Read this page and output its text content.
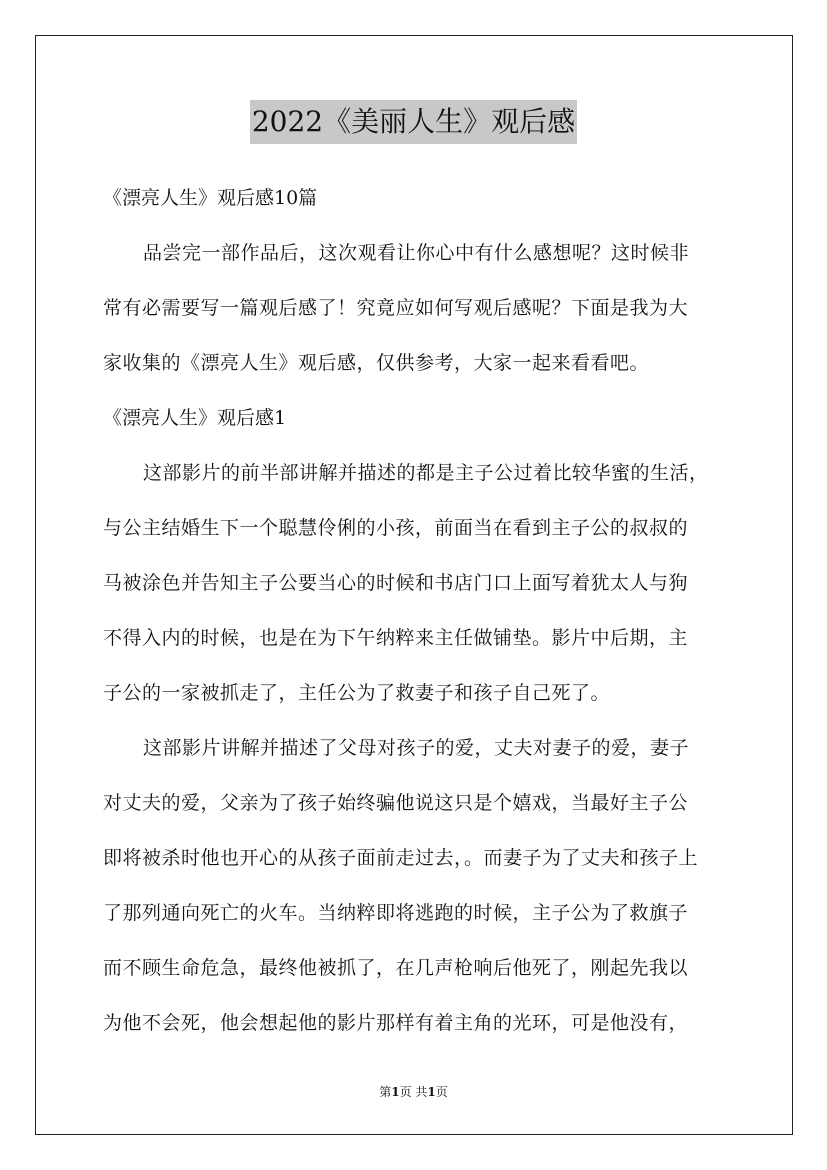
2022《美丽人生》观后感
《漂亮人生》观后感10篇
品尝完一部作品后，这次观看让你心中有什么感想呢？这时候非
常有必需要写一篇观后感了！究竟应如何写观后感呢？下面是我为大
家收集的《漂亮人生》观后感，仅供参考，大家一起来看看吧。
《漂亮人生》观后感1
这部影片的前半部讲解并描述的都是主子公过着比较华蜜的生活，
与公主结婚生下一个聪慧伶俐的小孩，前面当在看到主子公的叔叔的
马被涂色并告知主子公要当心的时候和书店门口上面写着犹太人与狗
不得入内的时候，也是在为下午纳粹来主任做铺垫。影片中后期，主
子公的一家被抓走了，主任公为了救妻子和孩子自己死了。
这部影片讲解并描述了父母对孩子的爱，丈夫对妻子的爱，妻子
对丈夫的爱，父亲为了孩子始终骗他说这只是个嬉戏，当最好主子公
即将被杀时他也开心的从孩子面前走过去，。而妻子为了丈夫和孩子上
了那列通向死亡的火车。当纳粹即将逃跑的时候，主子公为了救旗子
而不顾生命危急，最终他被抓了，在几声枪响后他死了，刚起先我以
为他不会死，他会想起他的影片那样有着主角的光环，可是他没有，
第1页 共1页
